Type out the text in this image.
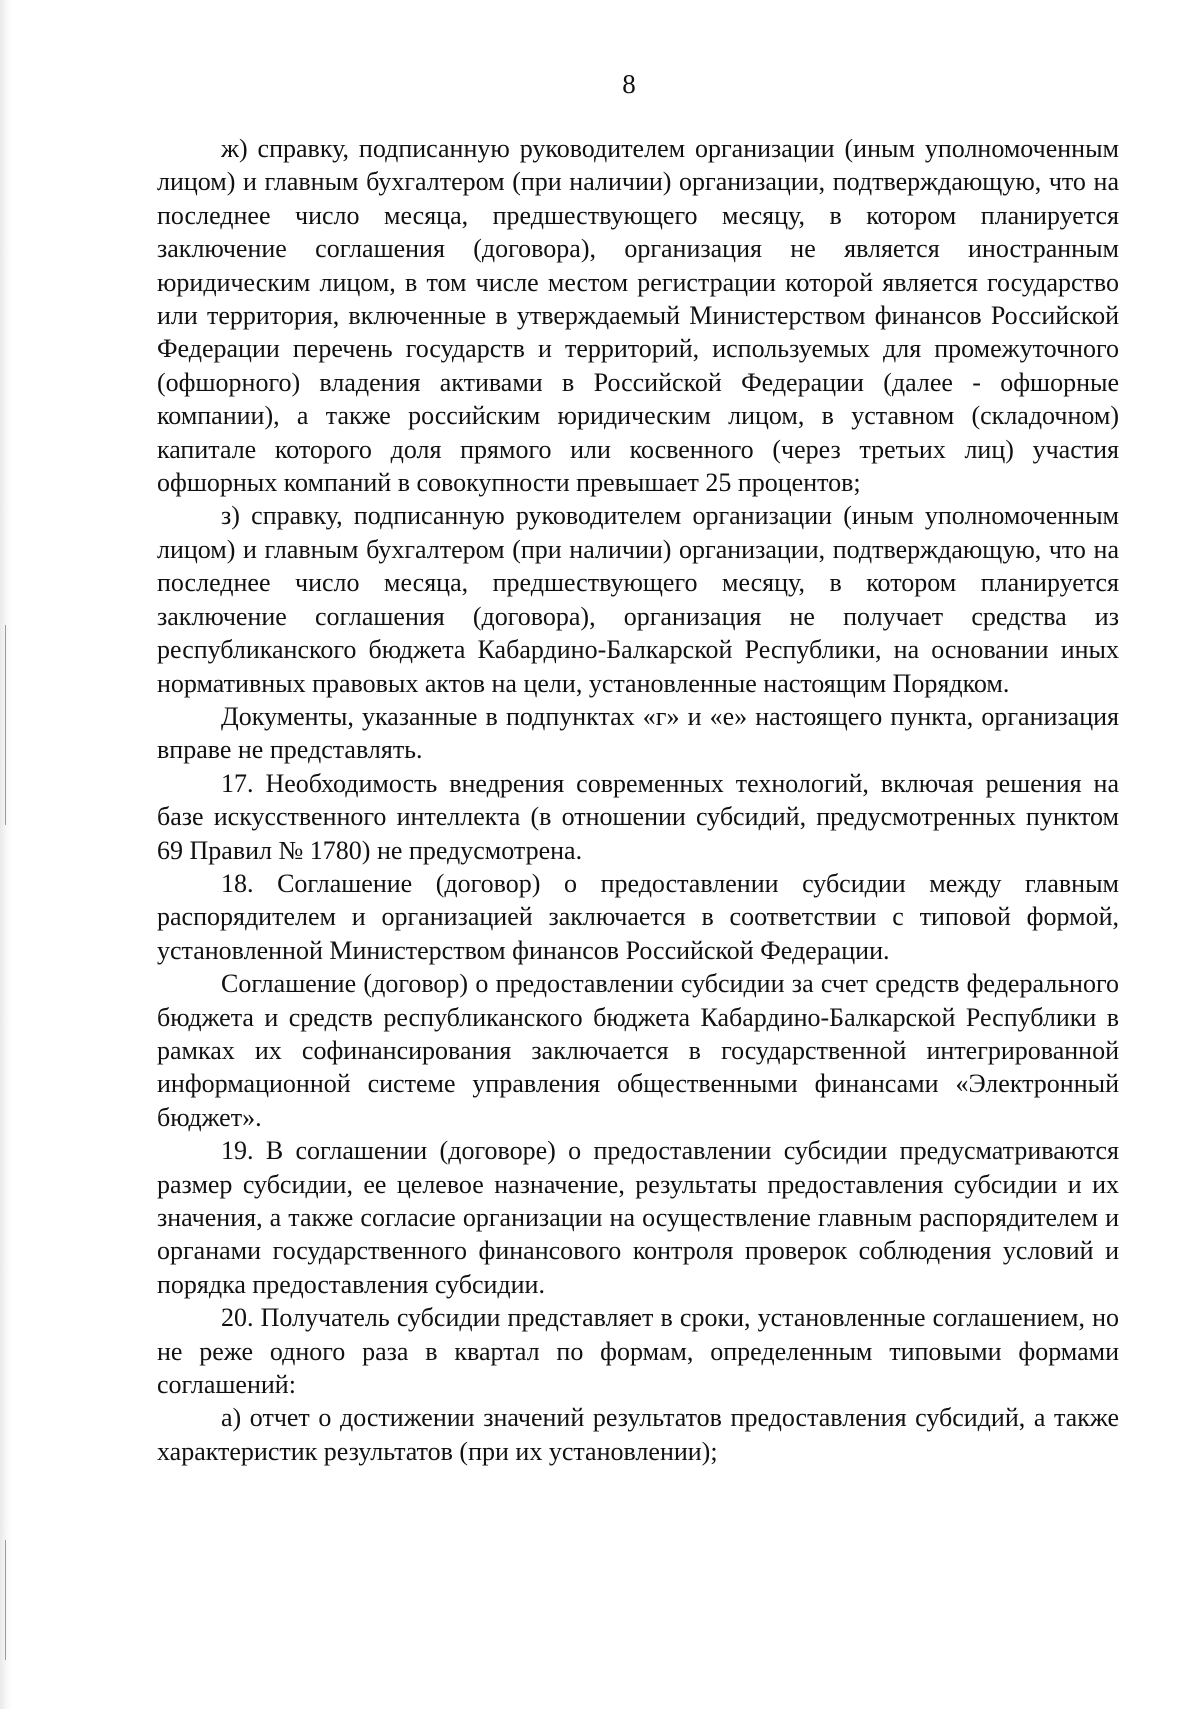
8

ж) справку, подписанную руководителем организации (иным уполномоченным лицом) и главным бухгалтером (при наличии) организации, подтверждающую, что на последнее число месяца, предшествующего месяцу, в котором планируется заключение соглашения (договора), организация не является иностранным юридическим лицом, в том числе местом регистрации которой является государство или территория, включенные в утверждаемый Министерством финансов Российской Федерации перечень государств и территорий, используемых для промежуточного (офшорного) владения активами в Российской Федерации (далее - офшорные компании), а также российским юридическим лицом, в уставном (складочном) капитале которого доля прямого или косвенного (через третьих лиц) участия офшорных компаний в совокупности превышает 25 процентов;

з) справку, подписанную руководителем организации (иным уполномоченным лицом) и главным бухгалтером (при наличии) организации, подтверждающую, что на последнее число месяца, предшествующего месяцу, в котором планируется заключение соглашения (договора), организация не получает средства из республиканского бюджета Кабардино-Балкарской Республики, на основании иных нормативных правовых актов на цели, установленные настоящим Порядком.

Документы, указанные в подпунктах «г» и «е» настоящего пункта, организация вправе не представлять.

17. Необходимость внедрения современных технологий, включая решения на базе искусственного интеллекта (в отношении субсидий, предусмотренных пунктом 69 Правил № 1780) не предусмотрена.

18. Соглашение (договор) о предоставлении субсидии между главным распорядителем и организацией заключается в соответствии с типовой формой, установленной Министерством финансов Российской Федерации.

Соглашение (договор) о предоставлении субсидии за счет средств федерального бюджета и средств республиканского бюджета Кабардино-Балкарской Республики в рамках их софинансирования заключается в государственной интегрированной информационной системе управления общественными финансами «Электронный бюджет».

19. В соглашении (договоре) о предоставлении субсидии предусматриваются размер субсидии, ее целевое назначение, результаты предоставления субсидии и их значения, а также согласие организации на осуществление главным распорядителем и органами государственного финансового контроля проверок соблюдения условий и порядка предоставления субсидии.

20. Получатель субсидии представляет в сроки, установленные соглашением, но не реже одного раза в квартал по формам, определенным типовыми формами соглашений:

а) отчет о достижении значений результатов предоставления субсидий, а также характеристик результатов (при их установлении);
